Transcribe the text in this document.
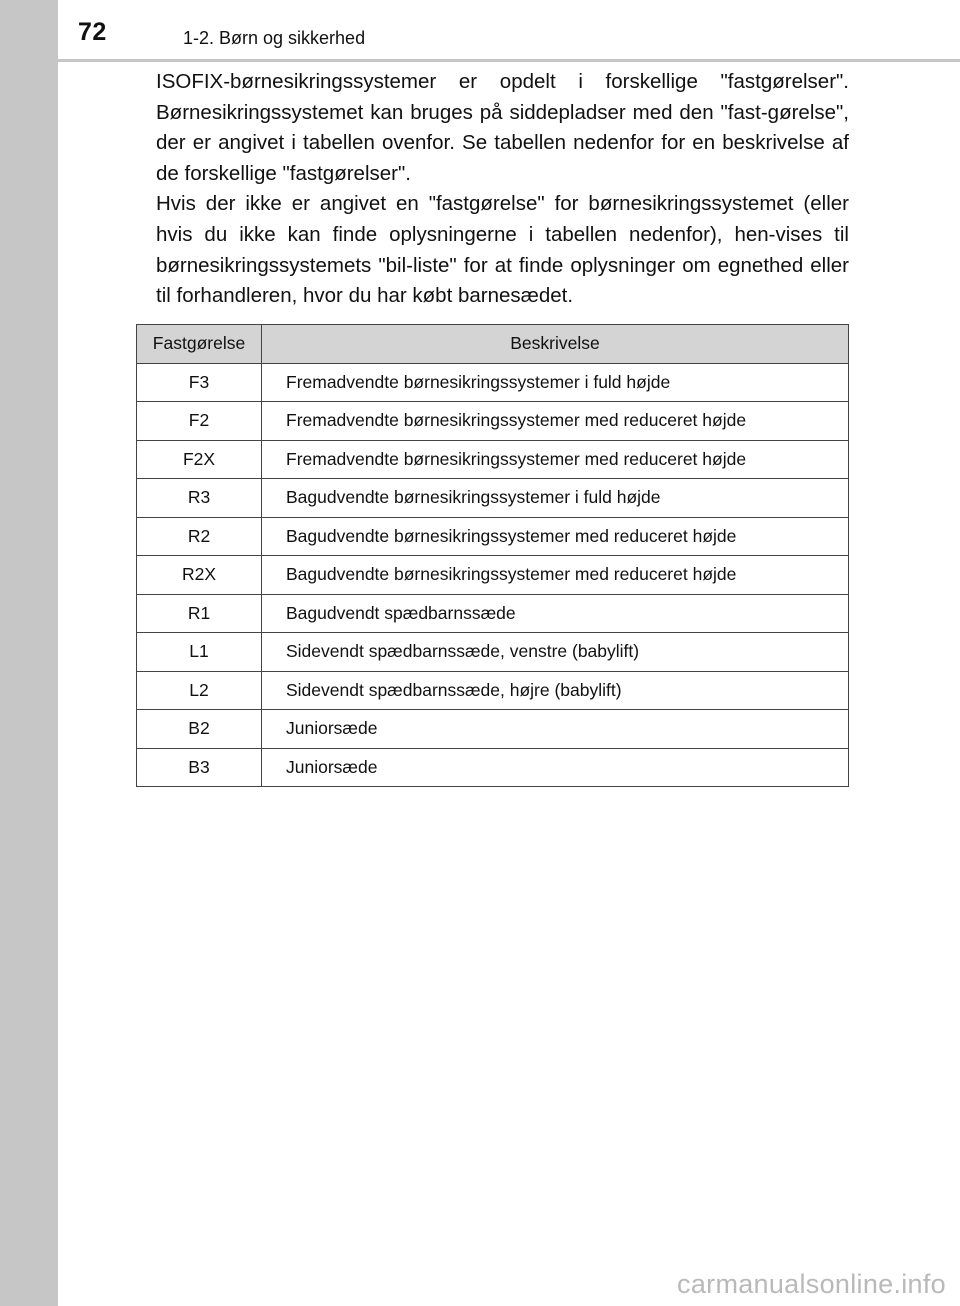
72	1-2. Børn og sikkerhed

ISOFIX-børnesikringssystemer er opdelt i forskellige "fastgørelser". Børnesikringssystemet kan bruges på siddepladser med den "fast-gørelse", der er angivet i tabellen ovenfor. Se tabellen nedenfor for en beskrivelse af de forskellige "fastgørelser".

Hvis der ikke er angivet en "fastgørelse" for børnesikringssystemet (eller hvis du ikke kan finde oplysningerne i tabellen nedenfor), hen-vises til børnesikringssystemets "bil-liste" for at finde oplysninger om egnethed eller til forhandleren, hvor du har købt barnesædet.

Fastgørelse	Beskrivelse
F3	Fremadvendte børnesikringssystemer i fuld højde
F2	Fremadvendte børnesikringssystemer med reduceret højde
F2X	Fremadvendte børnesikringssystemer med reduceret højde
R3	Bagudvendte børnesikringssystemer i fuld højde
R2	Bagudvendte børnesikringssystemer med reduceret højde
R2X	Bagudvendte børnesikringssystemer med reduceret højde
R1	Bagudvendt spædbarnssæde
L1	Sidevendt spædbarnssæde, venstre (babylift)
L2	Sidevendt spædbarnssæde, højre (babylift)
B2	Juniorsæde
B3	Juniorsæde
carmanualsonline.info
